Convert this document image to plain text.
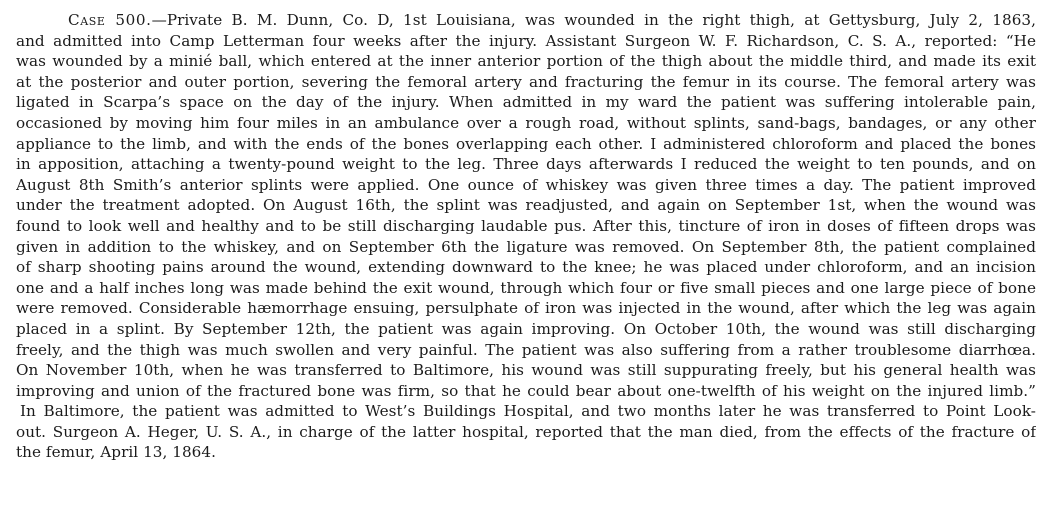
Case 500.—Private B. M. Dunn, Co. D, 1st Louisiana, was wounded in the right thigh, at Gettysburg, July 2, 1863,
and admitted into Camp Letterman four weeks after the injury. Assistant Surgeon W. F. Richardson, C. S. A., reported: “He
was wounded by a minié ball, which entered at the inner anterior portion of the thigh about the middle third, and made its exit
at the posterior and outer portion, severing the femoral artery and fracturing the femur in its course. The femoral artery was
ligated in Scarpa’s space on the day of the injury. When admitted in my ward the patient was suffering intolerable pain,
occasioned by moving him four miles in an ambulance over a rough road, without splints, sand-bags, bandages, or any other
appliance to the limb, and with the ends of the bones overlapping each other. I administered chloroform and placed the bones
in apposition, attaching a twenty-pound weight to the leg. Three days afterwards I reduced the weight to ten pounds, and on
August 8th Smith’s anterior splints were applied. One ounce of whiskey was given three times a day. The patient improved
under the treatment adopted. On August 16th, the splint was readjusted, and again on September 1st, when the wound was
found to look well and healthy and to be still discharging laudable pus. After this, tincture of iron in doses of fifteen drops was
given in addition to the whiskey, and on September 6th the ligature was removed. On September 8th, the patient complained
of sharp shooting pains around the wound, extending downward to the knee; he was placed under chloroform, and an incision
one and a half inches long was made behind the exit wound, through which four or five small pieces and one large piece of bone
were removed. Considerable hæmorrhage ensuing, persulphate of iron was injected in the wound, after which the leg was again
placed in a splint. By September 12th, the patient was again improving. On October 10th, the wound was still discharging
freely, and the thigh was much swollen and very painful. The patient was also suffering from a rather troublesome diarrhœa.
On November 10th, when he was transferred to Baltimore, his wound was still suppurating freely, but his general health was
improving and union of the fractured bone was firm, so that he could bear about one-twelfth of his weight on the injured limb.”
In Baltimore, the patient was admitted to West’s Buildings Hospital, and two months later he was transferred to Point Look-
out. Surgeon A. Heger, U. S. A., in charge of the latter hospital, reported that the man died, from the effects of the fracture of
the femur, April 13, 1864.
